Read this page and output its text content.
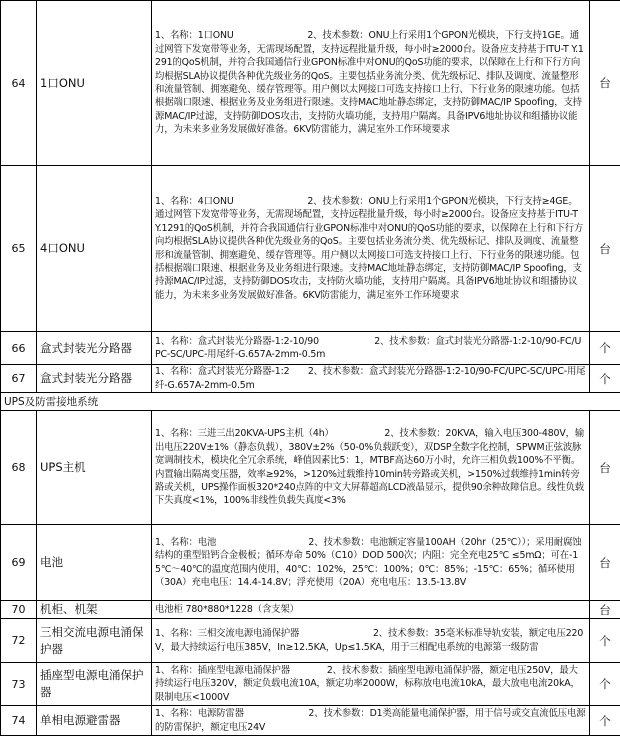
64	1口ONU	1、名称：1口ONU　　　　　　　　2、技术参数：ONU上行采用1个GPON光模块，下行支持1GE。通过网管下发宽带等业务，无需现场配置，支持远程批量升级，每小时≥2000台。设备应支持基于ITU-T Y.1291的QoS机制，并符合我国通信行业GPON标准中对ONU的QoS功能的要求，以保障在上行和下行方向均根据SLA协议提供各种优先级业务的QoS。主要包括业务流分类、优先级标记、排队及调度、流量整形和流量管制、拥塞避免、缓存管理等。用户侧以太网接口可选支持接口上行、下行业务的限速功能。包括根据端口限速、根据业务及业务组进行限速。支持MAC地址静态绑定，支持防御MAC/IP Spoofing，支持源MAC/IP过滤，支持防御DOS攻击，支持防火墙功能，支持用户隔离。具备IPV6地址协议和组播协议能力，为未来多业务发展做好准备。6KV防雷能力，满足室外工作环境要求	台
65	4口ONU	1、名称：4口ONU　　　　　　　　2、技术参数：ONU上行采用1个GPON光模块，下行支持≥4GE。通过网管下发宽带等业务，无需现场配置，支持远程批量升级，每小时≥2000台。设备应支持基于ITU-T Y.1291的QoS机制，并符合我国通信行业GPON标准中对ONU的QoS功能的要求，以保障在上行和下行方向均根据SLA协议提供各种优先级业务的QoS。主要包括业务流分类、优先级标记、排队及调度、流量整形和流量管制、拥塞避免、缓存管理等。用户侧以太网接口可选支持接口上行、下行业务的限速功能。包括根据端口限速、根据业务及业务组进行限速。支持MAC地址静态绑定，支持防御MAC/IP Spoofing，支持源MAC/IP过滤，支持防御DOS攻击，支持防火墙功能，支持用户隔离。具备IPV6地址协议和组播协议能力，为未来多业务发展做好准备。6KV防雷能力，满足室外工作环境要求	台
66	盒式封装光分路器	1、名称：盒式封装光分路器-1:2-10/90　　　　　　2、技术参数：盒式封装光分路器-1:2-10/90-FC/UPC-SC/UPC-用尾纤-G.657A-2mm-0.5m	个
67	盒式封装光分路器	1、名称：盒式封装光分路器-1:2　　2、技术参数：盒式封装光分路器-1:2-10/90-FC/UPC-SC/UPC-用尾纤-G.657A-2mm-0.5m	个
UPS及防雷接地系统			
68	UPS主机	1、名称：三进三出20KVA-UPS主机（4h）　　　　　　2、技术参数：20KVA，输入电压300-480V，输出电压220V±1%（静态负载），380V±2%（50-0%负载跃变），双DSP全数字化控制，SPWM正弦波脉宽调制技术，模块化全冗余系统，峰值因素比5：1，MTBF高达60万小时，允许三相负载100%不平衡。内置输出隔离变压器，效率≥92%，>120%过载维持10min转旁路或关机，>150%过载维持1min转旁路或关机，UPS操作面板320*240点阵的中文大屏幕超高LCD液晶显示，提供90余种故障信息。线性负载下失真度<1%，100%非线性负载失真度<3%	台
69	电池	1、名称：电池　　　　　　　　　　2、技术参数：电池额定容量100AH（20hr（25℃））；采用耐腐蚀结构的重型铅钙合金极板；循环寿命 50%（C10）DOD 500次；内阻：完全充电25℃ ≤5mΩ；可在-15℃～40℃的温度范围内使用，40℃：102%，25℃：100%；0℃：85%；-15℃：65%；循环使用（30A）充电电压：14.4-14.8V；浮充使用（20A）充电电压：13.5-13.8V	台
70	机柜、机架	电池柜 780*880*1228（含支架）	台
72	三相交流电源电涌保护器	1、名称：三相交流电源电涌保护器　　　　　　　　2、技术参数：35毫米标准导轨安装，额定电压220V，最大持续运行电压385V，In≥12.5KA，Up≤1.5KA，用于三相配电系统的电源第一级防雷	个
73	插座型电源电涌保护器	1、名称：插座型电源电涌保护器　　　　2、技术参数：插座型电源电涌保护器，额定电压250V，最大持续运行电压320V，额定负载电流10A，额定功率2000W，标称放电电流10kA，最大放电电流20kA，限制电压<1000V	个
74	单相电源避雷器	1、名称：电源防雷器　　　　　　　2、技术参数：D1类高能量电涌保护器，用于信号或交直流低压电源的防雷保护，额定电压24V	个
